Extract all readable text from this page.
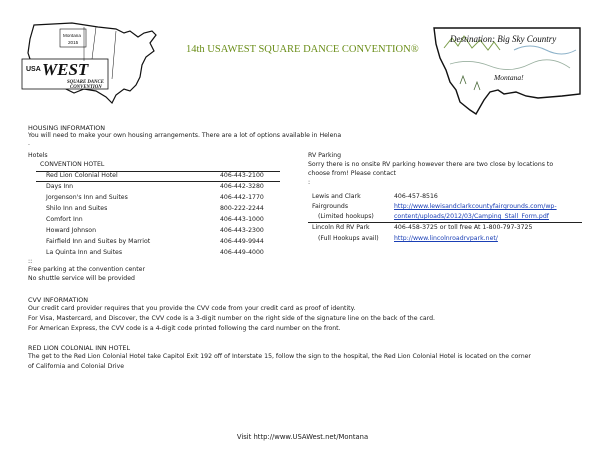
USA WEST
SQUARE DANCE
CONVENTION
Montana
2015
14th USAWEST SQUARE DANCE CONVENTION®
Destination: Big Sky Country
Montana!
HOUSING INFORMATION
You will need to make your own housing arrangements. There are a lot of options available in Helena
.
Hotels
CONVENTION HOTEL
Red Lion Colonial Hotel	406-443-2100
Days Inn	406-442-3280
Jorgenson's Inn and Suites	406-442-1770
Shilo Inn and Suites	800-222-2244
Comfort Inn	406-443-1000
Howard Johnson	406-443-2300
Fairfield Inn and Suites by Marriot	406-449-9944
La Quinta Inn and Suites	406-449-4000
::
Free parking at the convention center
No shuttle service will be provided
RV Parking
Sorry there is no onsite RV parking however there are two close by locations to
choose from! Please contact
:
Lewis and Clark	406-457-8516
Fairgrounds	http://www.lewisandclarkcountyfairgrounds.com/wp-
(Limited hookups)	content/uploads/2012/03/Camping_Stall_Form.pdf
Lincoln Rd RV Park	406-458-3725 or toll free At 1-800-797-3725
(Full Hookups avail) http://www.lincolnroadrvpark.net/
CVV INFORMATION
Our credit card provider requires that you provide the CVV code from your credit card as proof of identity.
For Visa, Mastercard, and Discover, the CVV code is a 3-digit number on the right side of the signature line on the back of the card.
For American Express, the CVV code is a 4-digit code printed following the card number on the front.
RED LION COLONIAL INN HOTEL
The get to the Red Lion Colonial Hotel take Capitol Exit 192 off of Interstate 15, follow the sign to the hospital, the Red Lion Colonial Hotel is located on the corner
of California and Colonial Drive
Visit http://www.USAWest.net/Montana
